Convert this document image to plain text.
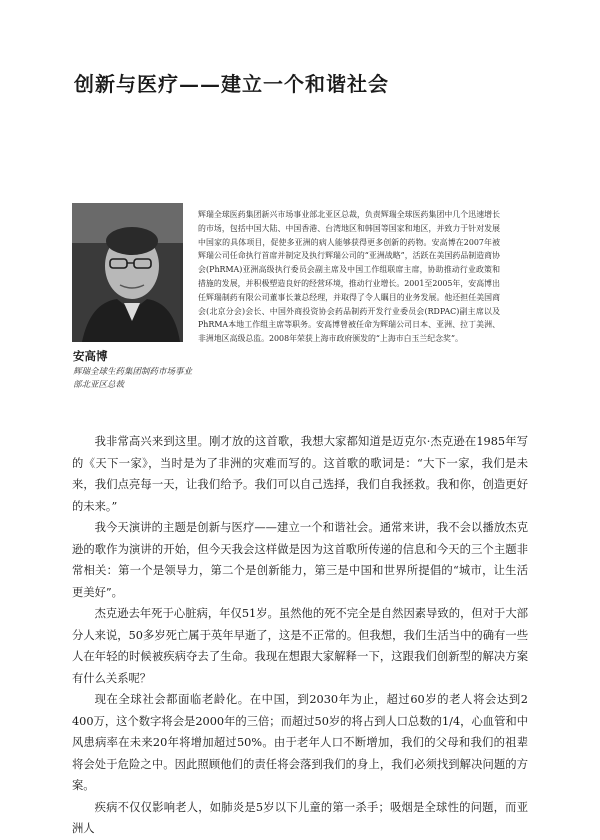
创新与医疗——建立一个和谐社会
安高博
辉瑞全球生药集团制药市场事业部北亚区总裁
辉瑞全球医药集团新兴市场事业部北亚区总裁，负责辉瑞全球医药集团中几个迅速增长的市场，包括中国大陆、中国香港、台湾地区和韩国等国家和地区，并致力于针对发展中国家的具体项目，促使多亚洲的病人能够获得更多创新的药物。安高博在2007年被辉瑞公司任命执行首席并制定及执行辉瑞公司的“亚洲战略”，活跃在美国药品制造商协会(PhRMA)亚洲高级执行委员会副主席及中国工作组联席主席，协助推动行业政策和措施的发展，并积极塑造良好的经营环境，推动行业增长。2001至2005年，安高博出任辉瑞制药有限公司董事长兼总经理，并取得了令人瞩目的业务发展。他还担任美国商会(北京分会)会长、中国外商投资协会药品制药开发行业委员会(RDPAC)副主席以及PhRMA本地工作组主席等职务。安高博曾被任命为辉瑞公司日本、亚洲、拉丁美洲、非洲地区高级总监。2008年荣获上海市政府颁发的“上海市白玉兰纪念奖”。

我非常高兴来到这里。刚才放的这首歌，我想大家都知道是迈克尔·杰克逊在1985年写的《天下一家》，当时是为了非洲的灾难而写的。这首歌的歌词是：“大下一家，我们是未来，我们点亮每一天，让我们给予。我们可以自己选择，我们自我拯救。我和你，创造更好的未来。”

我今天演讲的主题是创新与医疗——建立一个和谐社会。通常来讲，我不会以播放杰克逊的歌作为演讲的开始，但今天我会这样做是因为这首歌所传递的信息和今天的三个主题非常相关：第一个是领导力，第二个是创新能力，第三是中国和世界所提倡的“城市，让生活更美好”。

杰克逊去年死于心脏病，年仅51岁。虽然他的死不完全是自然因素导致的，但对于大部分人来说，50多岁死亡属于英年早逝了，这是不正常的。但我想，我们生活当中的确有一些人在年轻的时候被疾病夺去了生命。我现在想跟大家解释一下，这跟我们创新型的解决方案有什么关系呢？

现在全球社会都面临老龄化。在中国，到2030年为止，超过60岁的老人将会达到2 400万，这个数字将会是2000年的三倍；而超过50岁的将占到人口总数的1/4，心血管和中风患病率在未来20年将增加超过50%。由于老年人口不断增加，我们的父母和我们的祖辈将会处于危险之中。因此照顾他们的责任将会落到我们的身上，我们必须找到解决问题的方案。

疾病不仅仅影响老人，如肺炎是5岁以下儿童的第一杀手；吸烟是全球性的问题，而亚洲人
